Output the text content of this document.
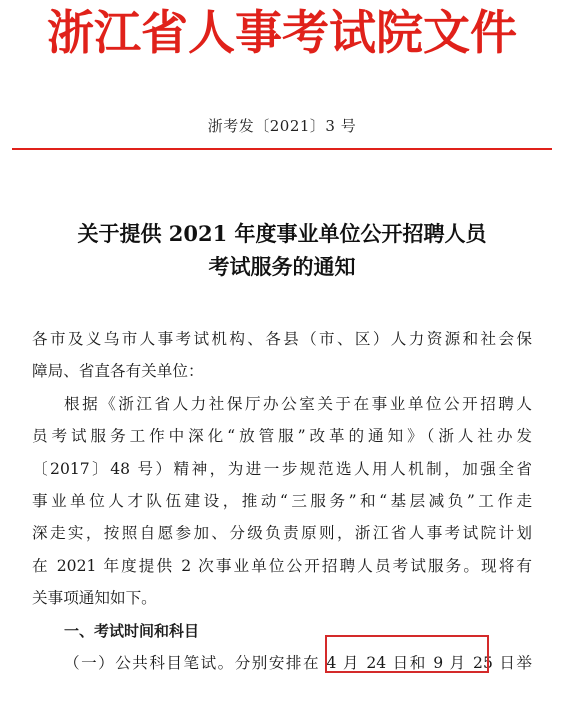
浙江省人事考试院文件
浙考发〔2021〕3 号
关于提供 2021 年度事业单位公开招聘人员
考试服务的通知
各市及义乌市人事考试机构、各县（市、区）人力资源和社会保
障局、省直各有关单位：
根据《浙江省人力社保厅办公室关于在事业单位公开招聘人
员考试服务工作中深化“放管服”改革的通知》（浙人社办发
〔2017〕48 号）精神，为进一步规范选人用人机制，加强全省
事业单位人才队伍建设，推动“三服务”和“基层减负”工作走
深走实，按照自愿参加、分级负责原则，浙江省人事考试院计划
在 2021 年度提供 2 次事业单位公开招聘人员考试服务。现将有
关事项通知如下。
一、考试时间和科目
（一）公共科目笔试。分别安排在 4 月 24 日和 9 月 25 日举
